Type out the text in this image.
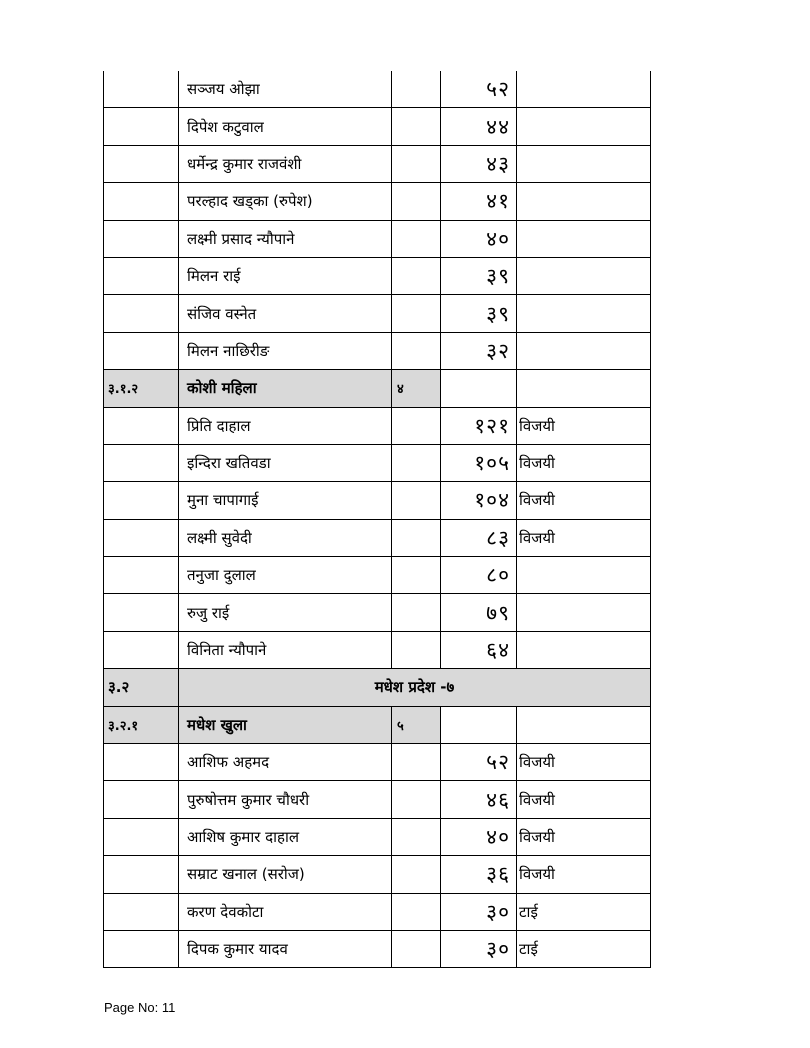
	सञ्जय ओझा		५२	
	दिपेश कटुवाल		४४	
	धर्मेन्द्र कुमार राजवंशी		४३	
	परल्हाद खड्का (रुपेश)		४१	
	लक्ष्मी प्रसाद न्यौपाने		४०	
	मिलन राई		३९	
	संजिव वस्नेत		३९	
	मिलन नाछिरीङ		३२	
३.१.२	कोशी महिला	४		
	प्रिति दाहाल		१२१	विजयी
	इन्दिरा खतिवडा		१०५	विजयी
	मुना चापागाई		१०४	विजयी
	लक्ष्मी सुवेदी		८३	विजयी
	तनुजा दुलाल		८०	
	रुजु राई		७९	
	विनिता न्यौपाने		६४	
३.२	मधेश प्रदेश -७			
३.२.१	मधेश खुला	५		
	आशिफ अहमद		५२	विजयी
	पुरुषोत्तम कुमार चौधरी		४६	विजयी
	आशिष कुमार दाहाल		४०	विजयी
	सम्राट खनाल (सरोज)		३६	विजयी
	करण देवकोटा		३०	टाई
	दिपक कुमार यादव		३०	टाई
Page No: 11
